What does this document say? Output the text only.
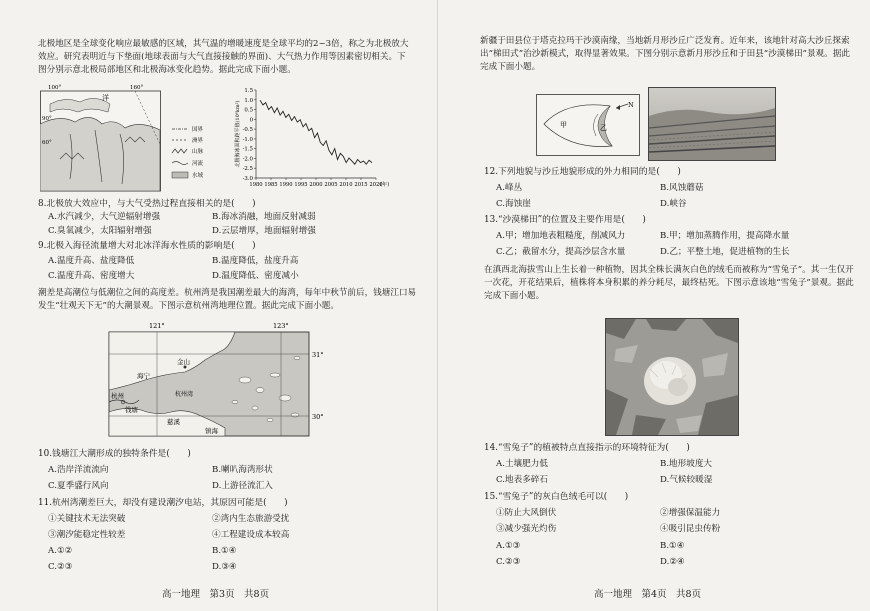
北极地区是全球变化响应最敏感的区域，其气温的增暖速度是全球平均的2~3倍，称之为北极放大效应。研究表明近与下垫面(地球表面与大气直接接触的界面)、大气热力作用等因素密切相关。下图分别示意北极局部地区和北极海冰变化趋势。据此完成下面小题。
100°	160°
洋
60°
90°
国界
洲界
山脉
河流
水域
1.5
1.0
0.5
0
-0.5
-1.0
-1.5
-2.0
-2.5
-3.0
1980 1985 1990 1995 2000 2005 2010 2015 2020
(年)
北极海冰面积距平值(10⁶km²)
8.北极放大效应中，与大气受热过程直接相关的是(　　)
A.水汽减少，大气逆辐射增强	B.海冰消融，地面反射减弱
C.臭氧减少，太阳辐射增强	D.云层增厚，地面辐射增强
9.北极入海径流量增大对北冰洋海水性质的影响是(　　)
A.温度升高、盐度降低	B.温度降低，盐度升高
C.温度升高、密度增大	D.温度降低、密度减小
潮差是高潮位与低潮位之间的高度差。杭州湾是我国潮差最大的海湾，每年中秋节前后，钱塘江口易发生“壮观天下无”的大潮景观。下图示意杭州湾地理位置。据此完成下面小题。
121°	123°
31°
30°
金山
海宁
杭州
钱塘
慈溪
镇海
杭州湾
10.钱塘江大潮形成的独特条件是(　　)
A.浩岸洋流流向	B.喇叭海湾形状
C.夏季盛行风向	D.上游径流汇入
11.杭州湾潮差巨大，却没有建设潮汐电站，其原因可能是(　　)
①关键技术无法突破	②湾内生态旅游受扰
③潮汐能稳定性较差	④工程建设成本较高
A.①②	B.①④
C.②③	D.③④
高一地理　第3页　共8页
新疆于田县位于塔克拉玛干沙漠南缘，当地新月形沙丘广泛发育。近年来，该地针对高大沙丘探索出“梯田式”治沙新模式，取得显著效果。下图分别示意新月形沙丘和于田县“沙漠梯田”景观。据此完成下面小题。
甲	乙
N
12.下列地貌与沙丘地貌形成的外力相同的是(　　)
A.峰丛	B.风蚀蘑菇
C.海蚀崖	D.峡谷
13.“沙漠梯田”的位置及主要作用是(　　)
A.甲；增加地表粗糙度，削减风力	B.甲；增加蒸腾作用，提高降水量
C.乙；截留水分，提高沙层含水量	D.乙；平整土地，促进植物的生长
在滇西北海拔雪山上生长着一种植物，因其全株长满灰白色的绒毛而被称为“雪兔子”。其一生仅开一次花，开花结果后，植株将本身积累的养分耗尽，最终枯死。下图示意该地“雪兔子”景观。据此完成下面小题。
14.“雪兔子”的植被特点直接指示的环境特征为(　　)
A.土壤肥力低	B.地形坡度大
C.地表多碎石	D.气候较暖湿
15.“雪兔子”的灰白色绒毛可以(　　)
①防止大风倒伏	②增强保温能力
③减少强光灼伤	④吸引昆虫传粉
A.①③	B.①④
C.②③	D.②④
高一地理　第4页　共8页
